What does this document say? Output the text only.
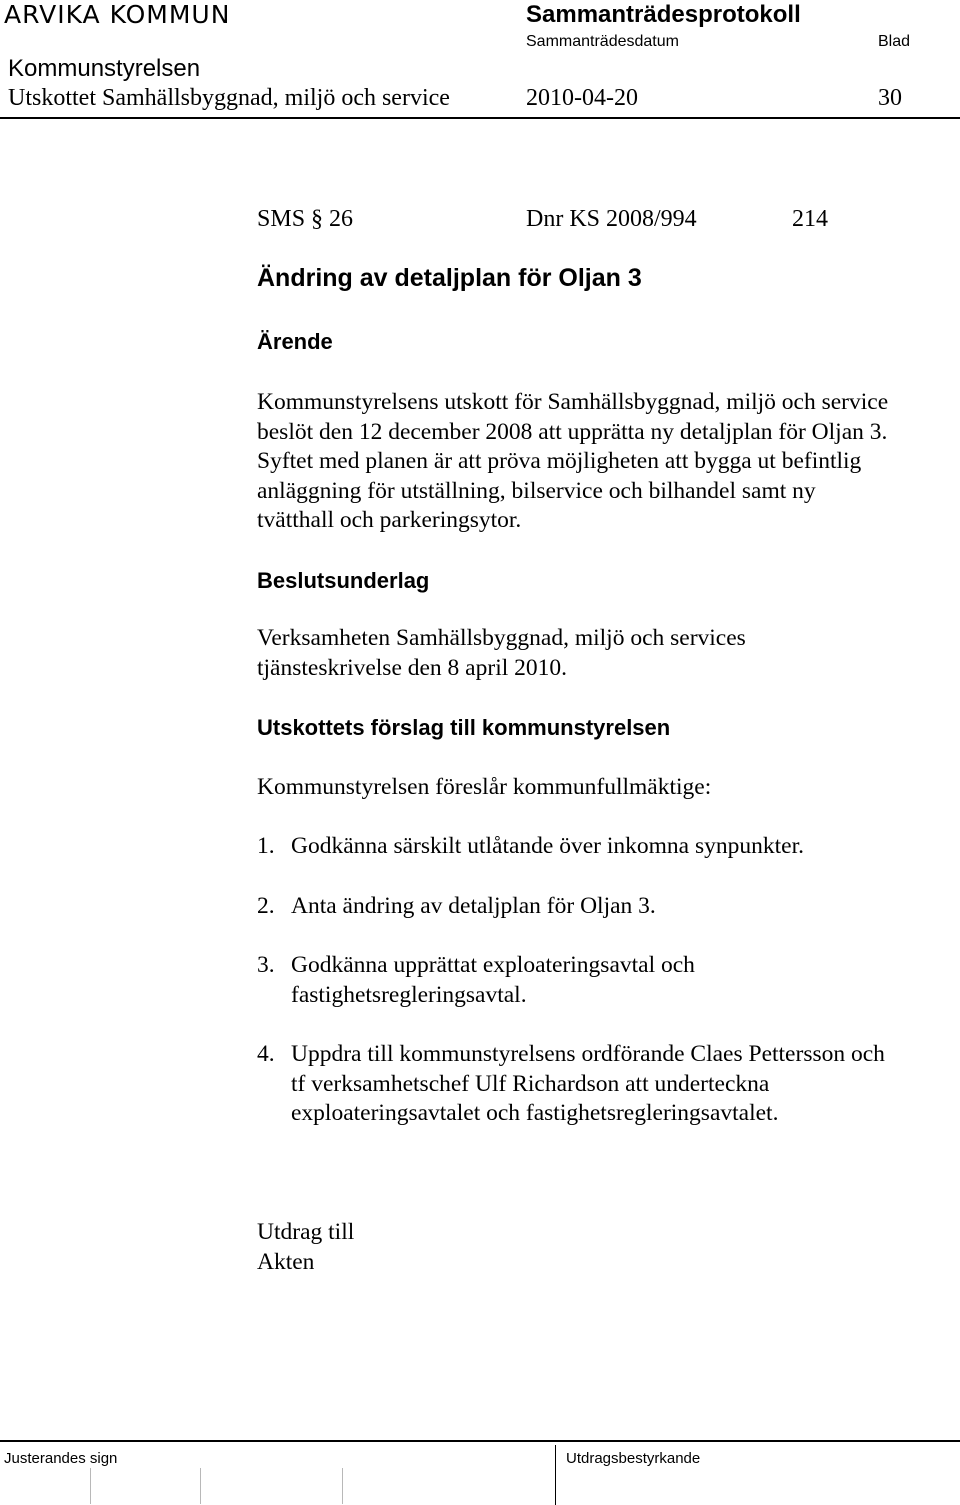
ARVIKA KOMMUN	Sammanträdesprotokoll
Sammanträdesdatum	Blad
Kommunstyrelsen
Utskottet Samhällsbyggnad, miljö och service	2010-04-20	30
SMS § 26	Dnr KS 2008/994	214
Ändring av detaljplan för Oljan 3
Ärende
Kommunstyrelsens utskott för Samhällsbyggnad, miljö och service
beslöt den 12 december 2008 att upprätta ny detaljplan för Oljan 3.
Syftet med planen är att pröva möjligheten att bygga ut befintlig
anläggning för utställning, bilservice och bilhandel samt ny
tvätthall och parkeringsytor.
Beslutsunderlag
Verksamheten Samhällsbyggnad, miljö och services
tjänsteskrivelse den 8 april 2010.
Utskottets förslag till kommunstyrelsen
Kommunstyrelsen föreslår kommunfullmäktige:
1. Godkänna särskilt utlåtande över inkomna synpunkter.
2. Anta ändring av detaljplan för Oljan 3.
3. Godkänna upprättat exploateringsavtal och
fastighetsregleringsavtal.
4. Uppdra till kommunstyrelsens ordförande Claes Pettersson och
tf verksamhetschef Ulf Richardson att underteckna
exploateringsavtalet och fastighetsregleringsavtalet.
Utdrag till
Akten
Justerandes sign	Utdragsbestyrkande
